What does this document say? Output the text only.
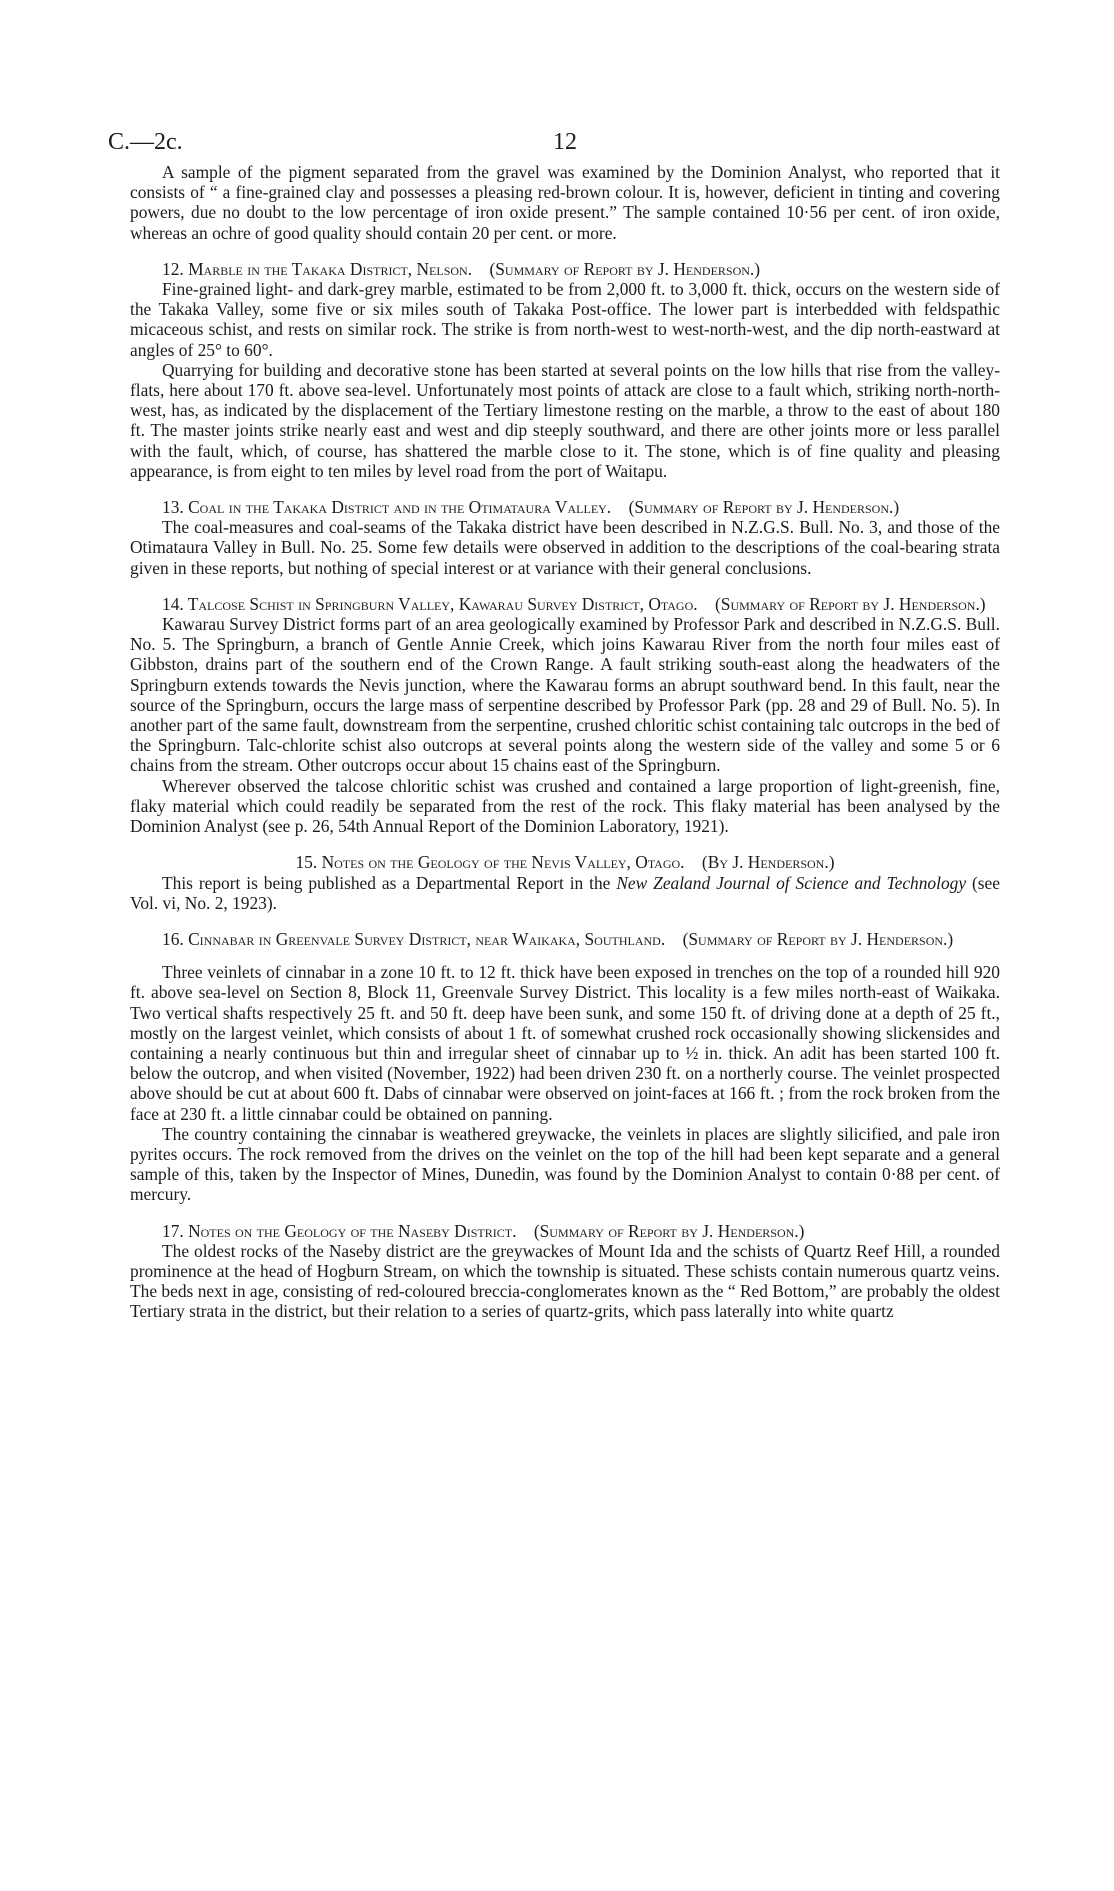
C.—2c.	12

A sample of the pigment separated from the gravel was examined by the Dominion Analyst, who reported that it consists of “ a fine-grained clay and possesses a pleasing red-brown colour. It is, however, deficient in tinting and covering powers, due no doubt to the low percentage of iron oxide present.” The sample contained 10·56 per cent. of iron oxide, whereas an ochre of good quality should contain 20 per cent. or more.

12. Marble in the Takaka District, Nelson. (Summary of Report by J. Henderson.)

Fine-grained light- and dark-grey marble, estimated to be from 2,000 ft. to 3,000 ft. thick, occurs on the western side of the Takaka Valley, some five or six miles south of Takaka Post-office. The lower part is interbedded with feldspathic micaceous schist, and rests on similar rock. The strike is from north-west to west-north-west, and the dip north-eastward at angles of 25° to 60°.

Quarrying for building and decorative stone has been started at several points on the low hills that rise from the valley-flats, here about 170 ft. above sea-level. Unfortunately most points of attack are close to a fault which, striking north-north-west, has, as indicated by the displacement of the Tertiary limestone resting on the marble, a throw to the east of about 180 ft. The master joints strike nearly east and west and dip steeply southward, and there are other joints more or less parallel with the fault, which, of course, has shattered the marble close to it. The stone, which is of fine quality and pleasing appearance, is from eight to ten miles by level road from the port of Waitapu.

13. Coal in the Takaka District and in the Otimataura Valley. (Summary of Report by J. Henderson.)

The coal-measures and coal-seams of the Takaka district have been described in N.Z.G.S. Bull. No. 3, and those of the Otimataura Valley in Bull. No. 25. Some few details were observed in addition to the descriptions of the coal-bearing strata given in these reports, but nothing of special interest or at variance with their general conclusions.

14. Talcose Schist in Springburn Valley, Kawarau Survey District, Otago. (Summary of Report by J. Henderson.)

Kawarau Survey District forms part of an area geologically examined by Professor Park and described in N.Z.G.S. Bull. No. 5. The Springburn, a branch of Gentle Annie Creek, which joins Kawarau River from the north four miles east of Gibbston, drains part of the southern end of the Crown Range. A fault striking south-east along the headwaters of the Springburn extends towards the Nevis junction, where the Kawarau forms an abrupt southward bend. In this fault, near the source of the Springburn, occurs the large mass of serpentine described by Professor Park (pp. 28 and 29 of Bull. No. 5). In another part of the same fault, downstream from the serpentine, crushed chloritic schist containing talc outcrops in the bed of the Springburn. Talc-chlorite schist also outcrops at several points along the western side of the valley and some 5 or 6 chains from the stream. Other outcrops occur about 15 chains east of the Springburn.

Wherever observed the talcose chloritic schist was crushed and contained a large proportion of light-greenish, fine, flaky material which could readily be separated from the rest of the rock. This flaky material has been analysed by the Dominion Analyst (see p. 26, 54th Annual Report of the Dominion Laboratory, 1921).

15. Notes on the Geology of the Nevis Valley, Otago. (By J. Henderson.)

This report is being published as a Departmental Report in the New Zealand Journal of Science and Technology (see Vol. vi, No. 2, 1923).

16. Cinnabar in Greenvale Survey District, near Waikaka, Southland. (Summary of Report by J. Henderson.)

Three veinlets of cinnabar in a zone 10 ft. to 12 ft. thick have been exposed in trenches on the top of a rounded hill 920 ft. above sea-level on Section 8, Block 11, Greenvale Survey District. This locality is a few miles north-east of Waikaka. Two vertical shafts respectively 25 ft. and 50 ft. deep have been sunk, and some 150 ft. of driving done at a depth of 25 ft., mostly on the largest veinlet, which consists of about 1 ft. of somewhat crushed rock occasionally showing slickensides and containing a nearly continuous but thin and irregular sheet of cinnabar up to ½ in. thick. An adit has been started 100 ft. below the outcrop, and when visited (November, 1922) had been driven 230 ft. on a northerly course. The veinlet prospected above should be cut at about 600 ft. Dabs of cinnabar were observed on joint-faces at 166 ft. ; from the rock broken from the face at 230 ft. a little cinnabar could be obtained on panning.

The country containing the cinnabar is weathered greywacke, the veinlets in places are slightly silicified, and pale iron pyrites occurs. The rock removed from the drives on the veinlet on the top of the hill had been kept separate and a general sample of this, taken by the Inspector of Mines, Dunedin, was found by the Dominion Analyst to contain 0·88 per cent. of mercury.

17. Notes on the Geology of the Naseby District. (Summary of Report by J. Henderson.)

The oldest rocks of the Naseby district are the greywackes of Mount Ida and the schists of Quartz Reef Hill, a rounded prominence at the head of Hogburn Stream, on which the township is situated. These schists contain numerous quartz veins. The beds next in age, consisting of red-coloured breccia-conglomerates known as the “ Red Bottom,” are probably the oldest Tertiary strata in the district, but their relation to a series of quartz-grits, which pass laterally into white quartz
